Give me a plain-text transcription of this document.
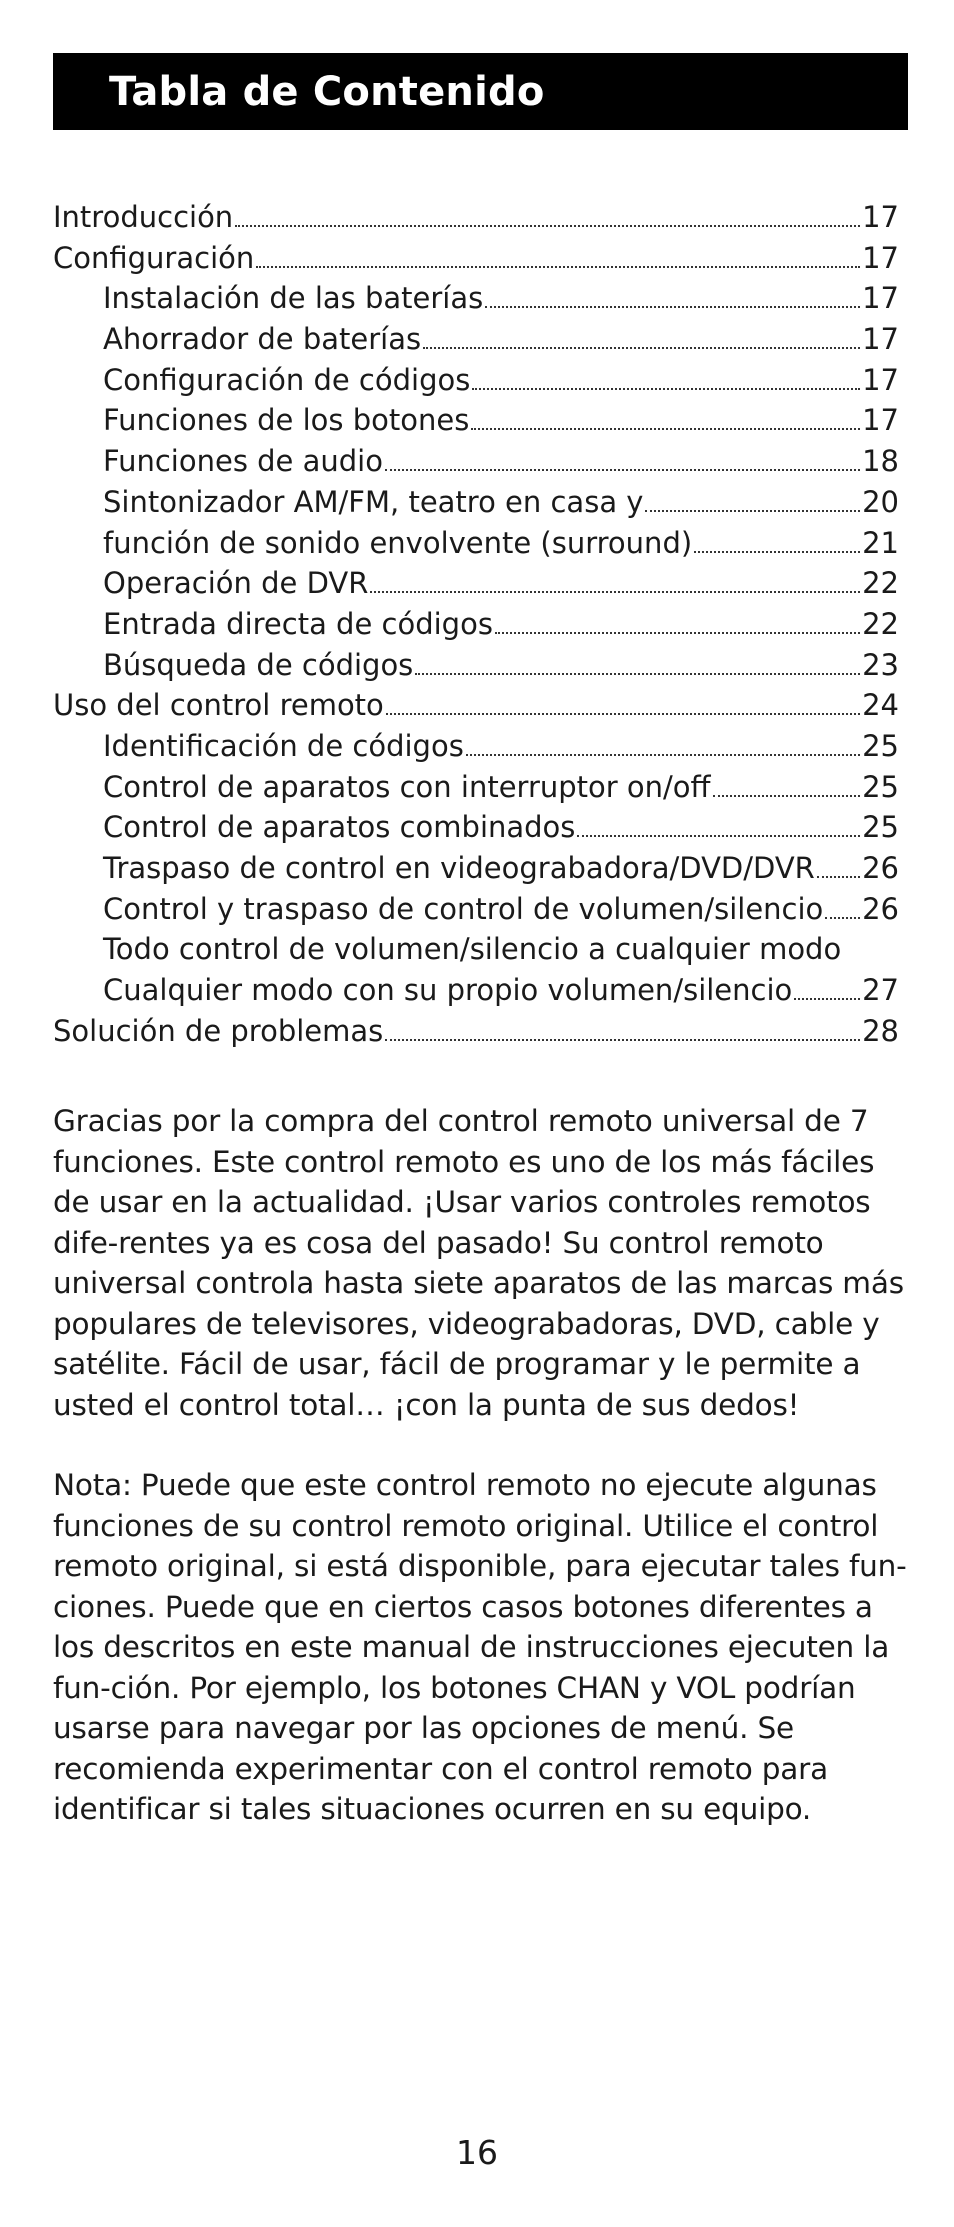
Tabla de Contenido
Introducción	17
Configuración	17
Instalación de las baterías	17
Ahorrador de baterías	17
Configuración de códigos	17
Funciones de los botones	17
Funciones de audio	18
Sintonizador AM/FM, teatro en casa y	20
función de sonido envolvente (surround)	21
Operación de DVR	22
Entrada directa de códigos	22
Búsqueda de códigos	23
Uso del control remoto	24
Identificación de códigos	25
Control de aparatos con interruptor on/off	25
Control de aparatos combinados	25
Traspaso de control en videograbadora/DVD/DVR 26
Control y traspaso de control de volumen/silencio 26
Todo control de volumen/silencio a cualquier modo
Cualquier modo con su propio volumen/silencio 27
Solución de problemas	28
Gracias por la compra del control remoto universal de 7 funciones. Este control remoto es uno de los más fáciles de usar en la actualidad. ¡Usar varios controles remotos dife-rentes ya es cosa del pasado! Su control remoto universal controla hasta siete aparatos de las marcas más populares de televisores, videograbadoras, DVD, cable y satélite. Fácil de usar, fácil de programar y le permite a usted el control total… ¡con la punta de sus dedos!
Nota: Puede que este control remoto no ejecute algunas funciones de su control remoto original. Utilice el control remoto original, si está disponible, para ejecutar tales fun-ciones. Puede que en ciertos casos botones diferentes a los descritos en este manual de instrucciones ejecuten la fun-ción. Por ejemplo, los botones CHAN y VOL podrían usarse para navegar por las opciones de menú. Se recomienda experimentar con el control remoto para identificar si tales situaciones ocurren en su equipo.
16
